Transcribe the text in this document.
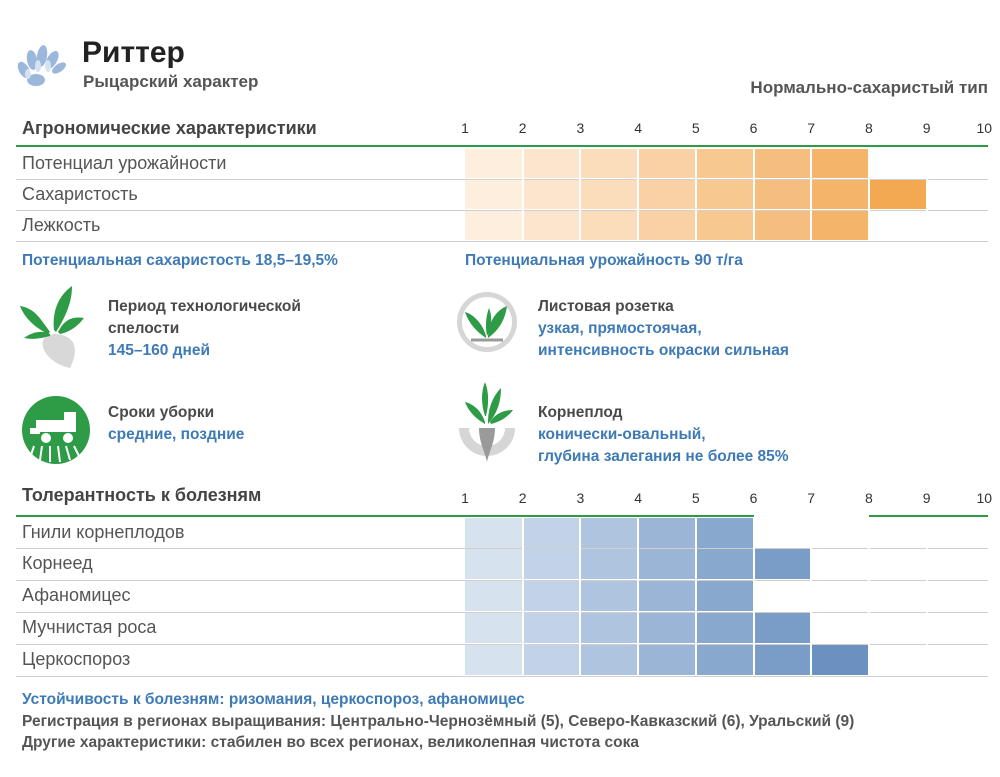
Риттер
Рыцарский характер	Нормально-сахаристый тип
Агрономические характеристики	1	2	3	4	5	6	7	8	9	10
Потенциал урожайности
Сахаристость
Лежкость
Потенциальная сахаристость 18,5–19,5%	Потенциальная урожайность 90 т/га
Период технологической
спелости
145–160 дней
Листовая розетка
узкая, прямостоячая,
интенсивность окраски сильная
Сроки уборки
средние, поздние
Корнеплод
конически-овальный,
глубина залегания не более 85%
Толерантность к болезням	1	2	3	4	5	6	7	8	9	10
Гнили корнеплодов
Корнеед
Афаномицес
Мучнистая роса
Церкоспороз
Устойчивость к болезням: ризомания, церкоспороз, афаномицес
Регистрация в регионах выращивания: Центрально-Чернозёмный (5), Северо-Кавказский (6), Уральский (9)
Другие характеристики: стабилен во всех регионах, великолепная чистота сока
